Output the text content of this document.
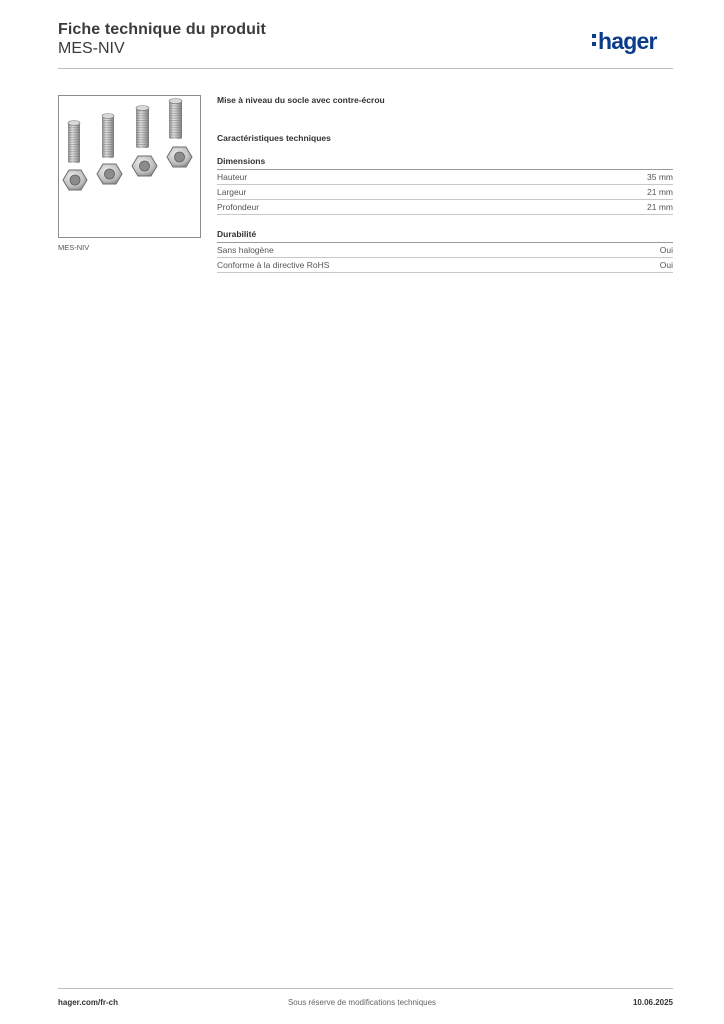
Fiche technique du produit
MES-NIV	hager
MES-NIV

Mise à niveau du socle avec contre-écrou

Caractéristiques techniques
Dimensions
Hauteur	35 mm
Largeur	21 mm
Profondeur	21 mm
Durabilité
Sans halogène	Oui
Conforme à la directive RoHS	Oui
hager.com/fr-ch	Sous réserve de modifications techniques	10.06.2025
